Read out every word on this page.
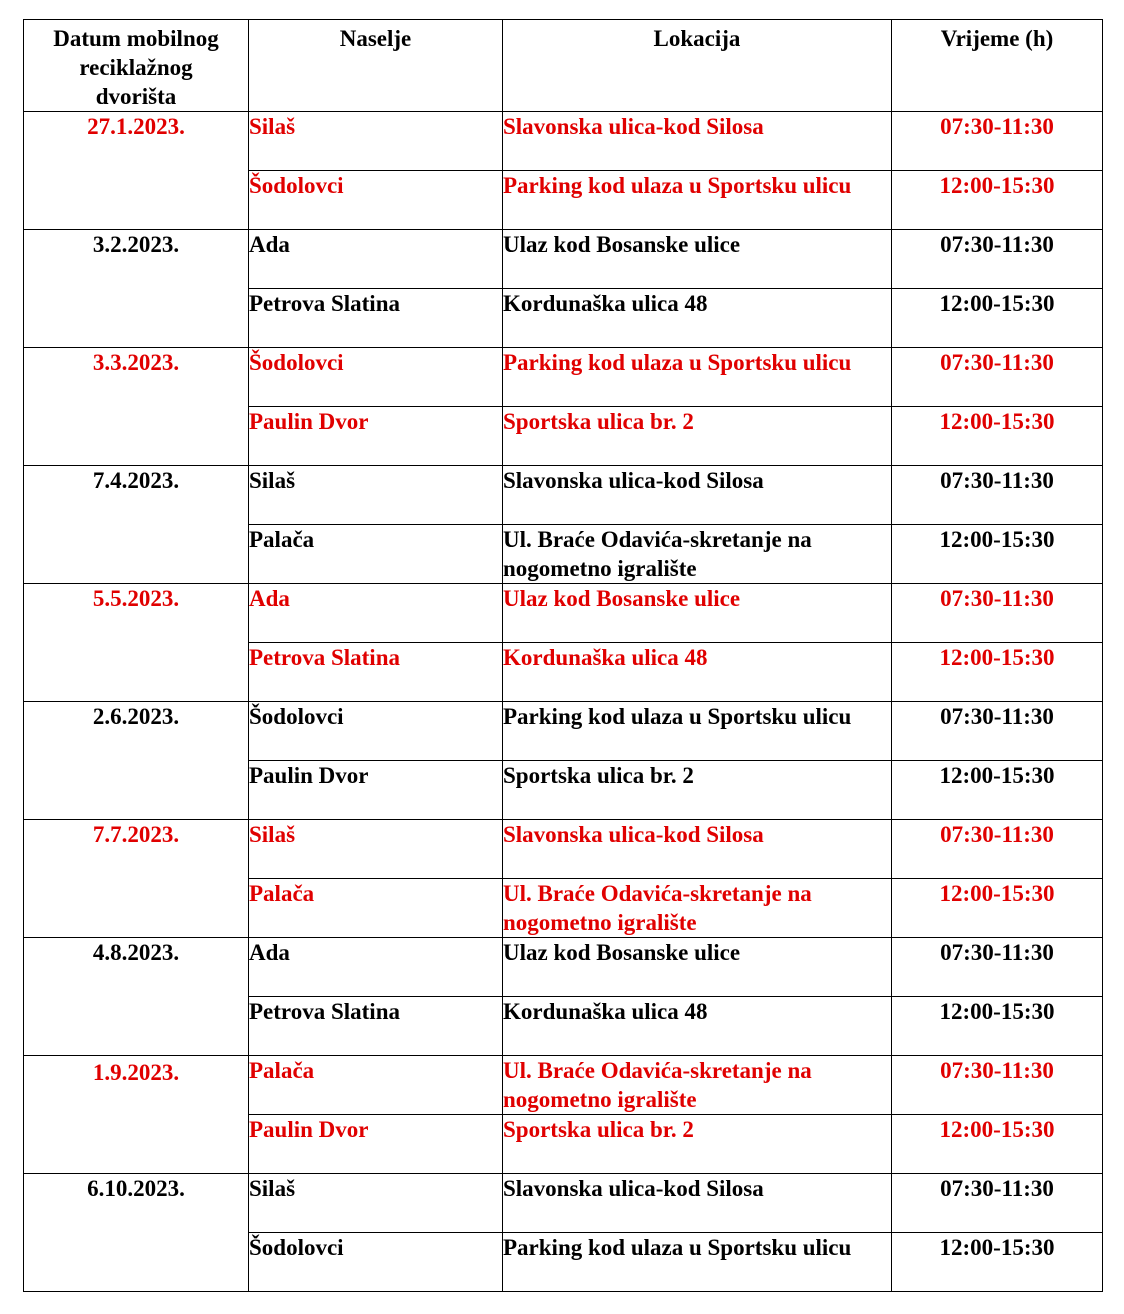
Datum mobilnog reciklažnog dvorišta	Naselje	Lokacija	Vrijeme (h)
27.1.2023.	Silaš	Slavonska ulica-kod Silosa	07:30-11:30
	Šodolovci	Parking kod ulaza u Sportsku ulicu	12:00-15:30
3.2.2023.	Ada	Ulaz kod Bosanske ulice	07:30-11:30
	Petrova Slatina	Kordunaška ulica 48	12:00-15:30
3.3.2023.	Šodolovci	Parking kod ulaza u Sportsku ulicu	07:30-11:30
	Paulin Dvor	Sportska ulica br. 2	12:00-15:30
7.4.2023.	Silaš	Slavonska ulica-kod Silosa	07:30-11:30
	Palača	Ul. Braće Odavića-skretanje na nogometno igralište	12:00-15:30
5.5.2023.	Ada	Ulaz kod Bosanske ulice	07:30-11:30
	Petrova Slatina	Kordunaška ulica 48	12:00-15:30
2.6.2023.	Šodolovci	Parking kod ulaza u Sportsku ulicu	07:30-11:30
	Paulin Dvor	Sportska ulica br. 2	12:00-15:30
7.7.2023.	Silaš	Slavonska ulica-kod Silosa	07:30-11:30
	Palača	Ul. Braće Odavića-skretanje na nogometno igralište	12:00-15:30
4.8.2023.	Ada	Ulaz kod Bosanske ulice	07:30-11:30
	Petrova Slatina	Kordunaška ulica 48	12:00-15:30
1.9.2023.	Palača	Ul. Braće Odavića-skretanje na nogometno igralište	07:30-11:30
	Paulin Dvor	Sportska ulica br. 2	12:00-15:30
6.10.2023.	Silaš	Slavonska ulica-kod Silosa	07:30-11:30
	Šodolovci	Parking kod ulaza u Sportsku ulicu	12:00-15:30
